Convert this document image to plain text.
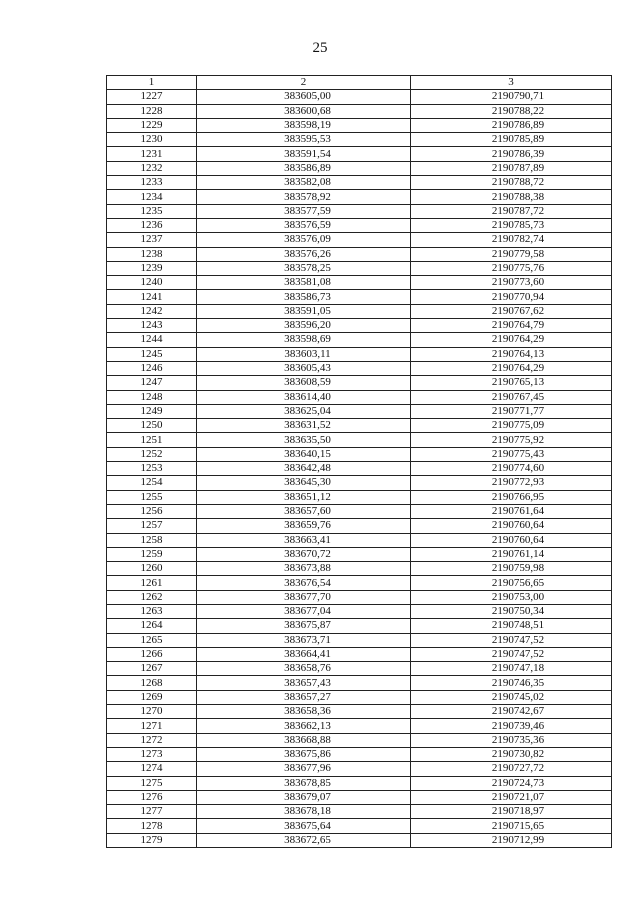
25
1	2	3
1227	383605,00	2190790,71
1228	383600,68	2190788,22
1229	383598,19	2190786,89
1230	383595,53	2190785,89
1231	383591,54	2190786,39
1232	383586,89	2190787,89
1233	383582,08	2190788,72
1234	383578,92	2190788,38
1235	383577,59	2190787,72
1236	383576,59	2190785,73
1237	383576,09	2190782,74
1238	383576,26	2190779,58
1239	383578,25	2190775,76
1240	383581,08	2190773,60
1241	383586,73	2190770,94
1242	383591,05	2190767,62
1243	383596,20	2190764,79
1244	383598,69	2190764,29
1245	383603,11	2190764,13
1246	383605,43	2190764,29
1247	383608,59	2190765,13
1248	383614,40	2190767,45
1249	383625,04	2190771,77
1250	383631,52	2190775,09
1251	383635,50	2190775,92
1252	383640,15	2190775,43
1253	383642,48	2190774,60
1254	383645,30	2190772,93
1255	383651,12	2190766,95
1256	383657,60	2190761,64
1257	383659,76	2190760,64
1258	383663,41	2190760,64
1259	383670,72	2190761,14
1260	383673,88	2190759,98
1261	383676,54	2190756,65
1262	383677,70	2190753,00
1263	383677,04	2190750,34
1264	383675,87	2190748,51
1265	383673,71	2190747,52
1266	383664,41	2190747,52
1267	383658,76	2190747,18
1268	383657,43	2190746,35
1269	383657,27	2190745,02
1270	383658,36	2190742,67
1271	383662,13	2190739,46
1272	383668,88	2190735,36
1273	383675,86	2190730,82
1274	383677,96	2190727,72
1275	383678,85	2190724,73
1276	383679,07	2190721,07
1277	383678,18	2190718,97
1278	383675,64	2190715,65
1279	383672,65	2190712,99
